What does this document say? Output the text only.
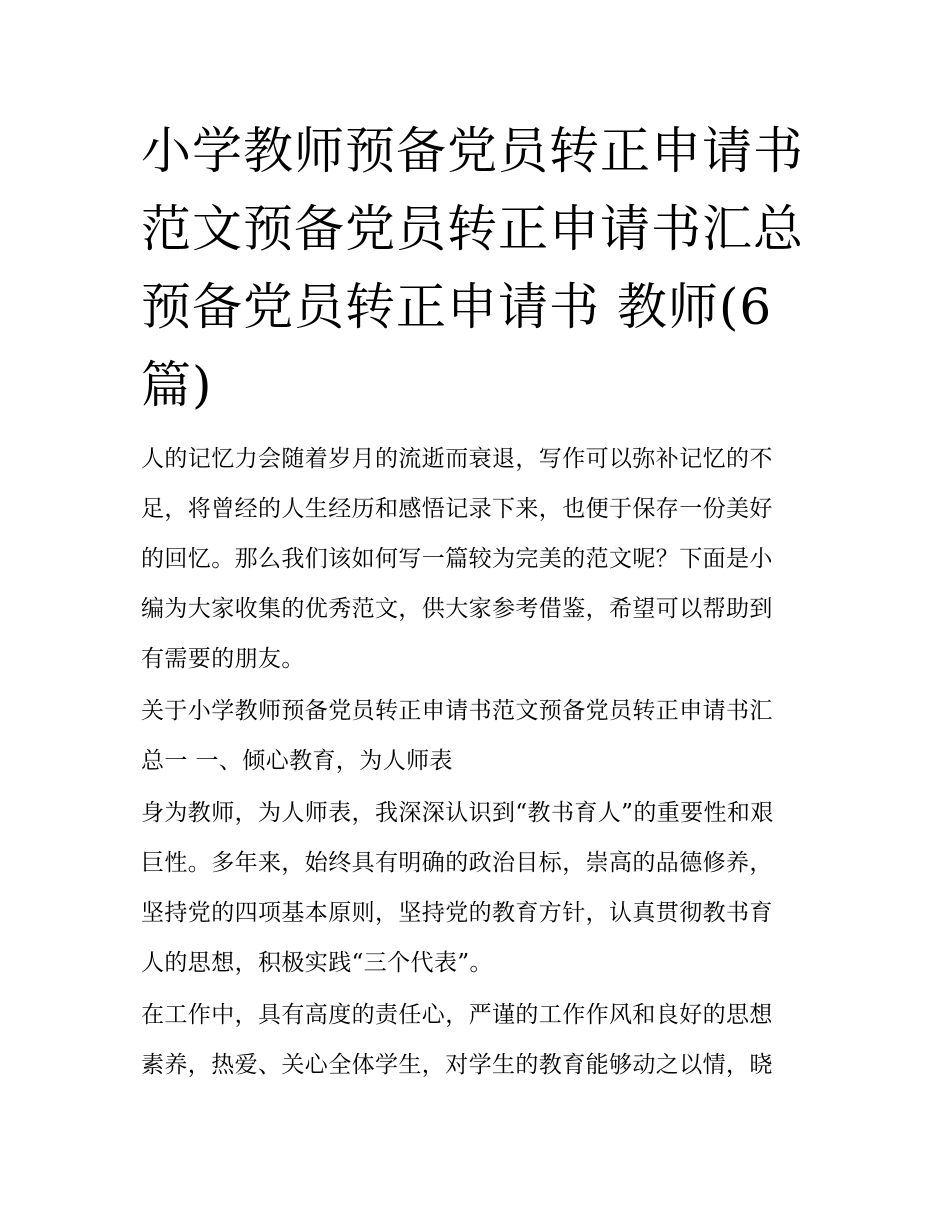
小学教师预备党员转正申请书
范文预备党员转正申请书汇总
预备党员转正申请书 教师(6
篇)
人的记忆力会随着岁月的流逝而衰退，写作可以弥补记忆的不
足，将曾经的人生经历和感悟记录下来，也便于保存一份美好
的回忆。那么我们该如何写一篇较为完美的范文呢？下面是小
编为大家收集的优秀范文，供大家参考借鉴，希望可以帮助到
有需要的朋友。
关于小学教师预备党员转正申请书范文预备党员转正申请书汇
总一 一、倾心教育，为人师表
身为教师，为人师表，我深深认识到“教书育人”的重要性和艰
巨性。多年来，始终具有明确的政治目标，崇高的品德修养，
坚持党的四项基本原则，坚持党的教育方针，认真贯彻教书育
人的思想，积极实践“三个代表”。
在工作中，具有高度的责任心，严谨的工作作风和良好的思想
素养，热爱、关心全体学生，对学生的教育能够动之以情，晓
